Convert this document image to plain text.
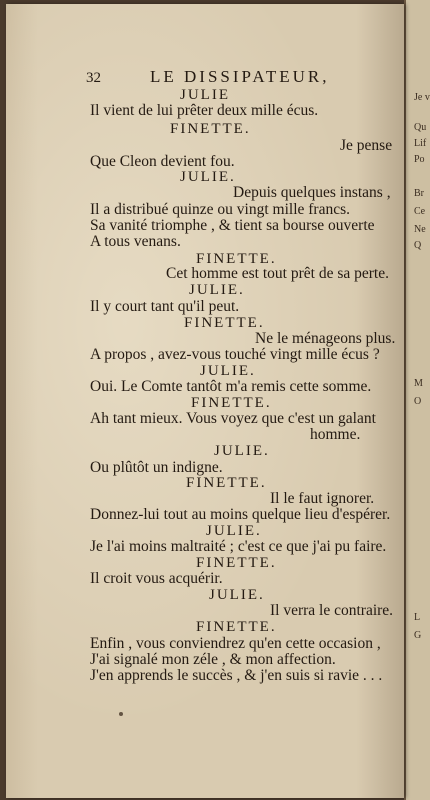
Je v
Qu
Lif
Po
Br
Ce
Ne
Q
M
O
L
G
32	LE DISSIPATEUR,
JULIE
Il vient de lui prêter deux mille écus.
FINETTE.
Je pense
Que Cleon devient fou.
JULIE.
Depuis quelques instans ,
Il a distribué quinze ou vingt mille francs.
Sa vanité triomphe , & tient sa bourse ouverte
A tous venans.
FINETTE.
Cet homme est tout prêt de sa perte.
JULIE.
Il y court tant qu'il peut.
FINETTE.
Ne le ménageons plus.
A propos , avez-vous touché vingt mille écus ?
JULIE.
Oui. Le Comte tantôt m'a remis cette somme.
FINETTE.
Ah tant mieux. Vous voyez que c'est un galant
homme.
JULIE.
Ou plûtôt un indigne.
FINETTE.
Il le faut ignorer.
Donnez-lui tout au moins quelque lieu d'espérer.
JULIE.
Je l'ai moins maltraité ; c'est ce que j'ai pu faire.
FINETTE.
Il croit vous acquérir.
JULIE.
Il verra le contraire.
FINETTE.
Enfin , vous conviendrez qu'en cette occasion ,
J'ai signalé mon zéle , & mon affection.
J'en apprends le succès , & j'en suis si ravie . . .
